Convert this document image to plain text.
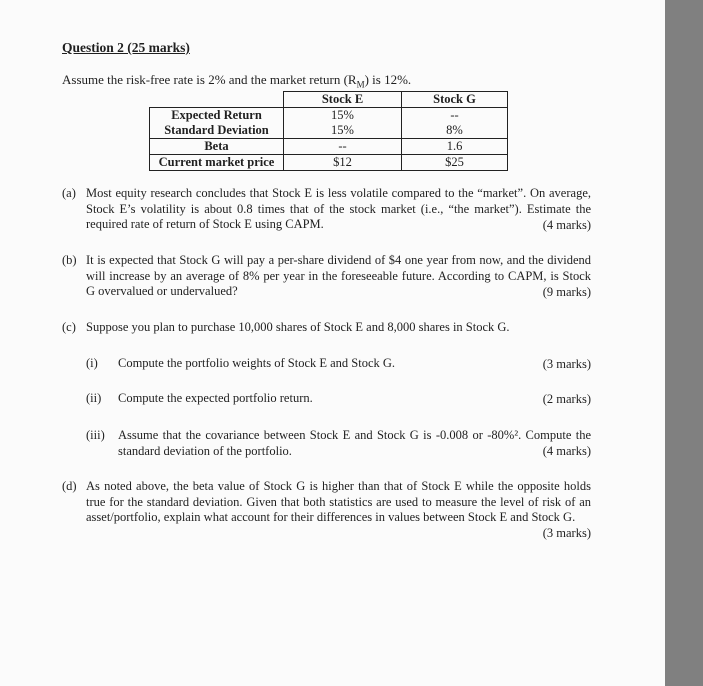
Question 2 (25 marks)
Assume the risk-free rate is 2% and the market return $(R_M)$ is 12%.
	Stock E	Stock G
Expected Return	15%	--
Standard Deviation	15%	8%
Beta	--	1.6
Current market price	$12	$25
(a) Most equity research concludes that Stock E is less volatile compared to the “market”. On average, Stock E’s volatility is about 0.8 times that of the stock market (i.e., “the market”). Estimate the required rate of return of Stock E using CAPM.	(4 marks)
(b) It is expected that Stock G will pay a per-share dividend of $4 one year from now, and the dividend will increase by an average of 8% per year in the foreseeable future. According to CAPM, is Stock G overvalued or undervalued?	(9 marks)
(c) Suppose you plan to purchase 10,000 shares of Stock E and 8,000 shares in Stock G.
(i) Compute the portfolio weights of Stock E and Stock G.	(3 marks)
(ii) Compute the expected portfolio return.	(2 marks)
(iii) Assume that the covariance between Stock E and Stock G is -0.008 or -80%². Compute the standard deviation of the portfolio.	(4 marks)
(d) As noted above, the beta value of Stock G is higher than that of Stock E while the opposite holds true for the standard deviation. Given that both statistics are used to measure the level of risk of an asset/portfolio, explain what account for their differences in values between Stock E and Stock G.
(3 marks)
